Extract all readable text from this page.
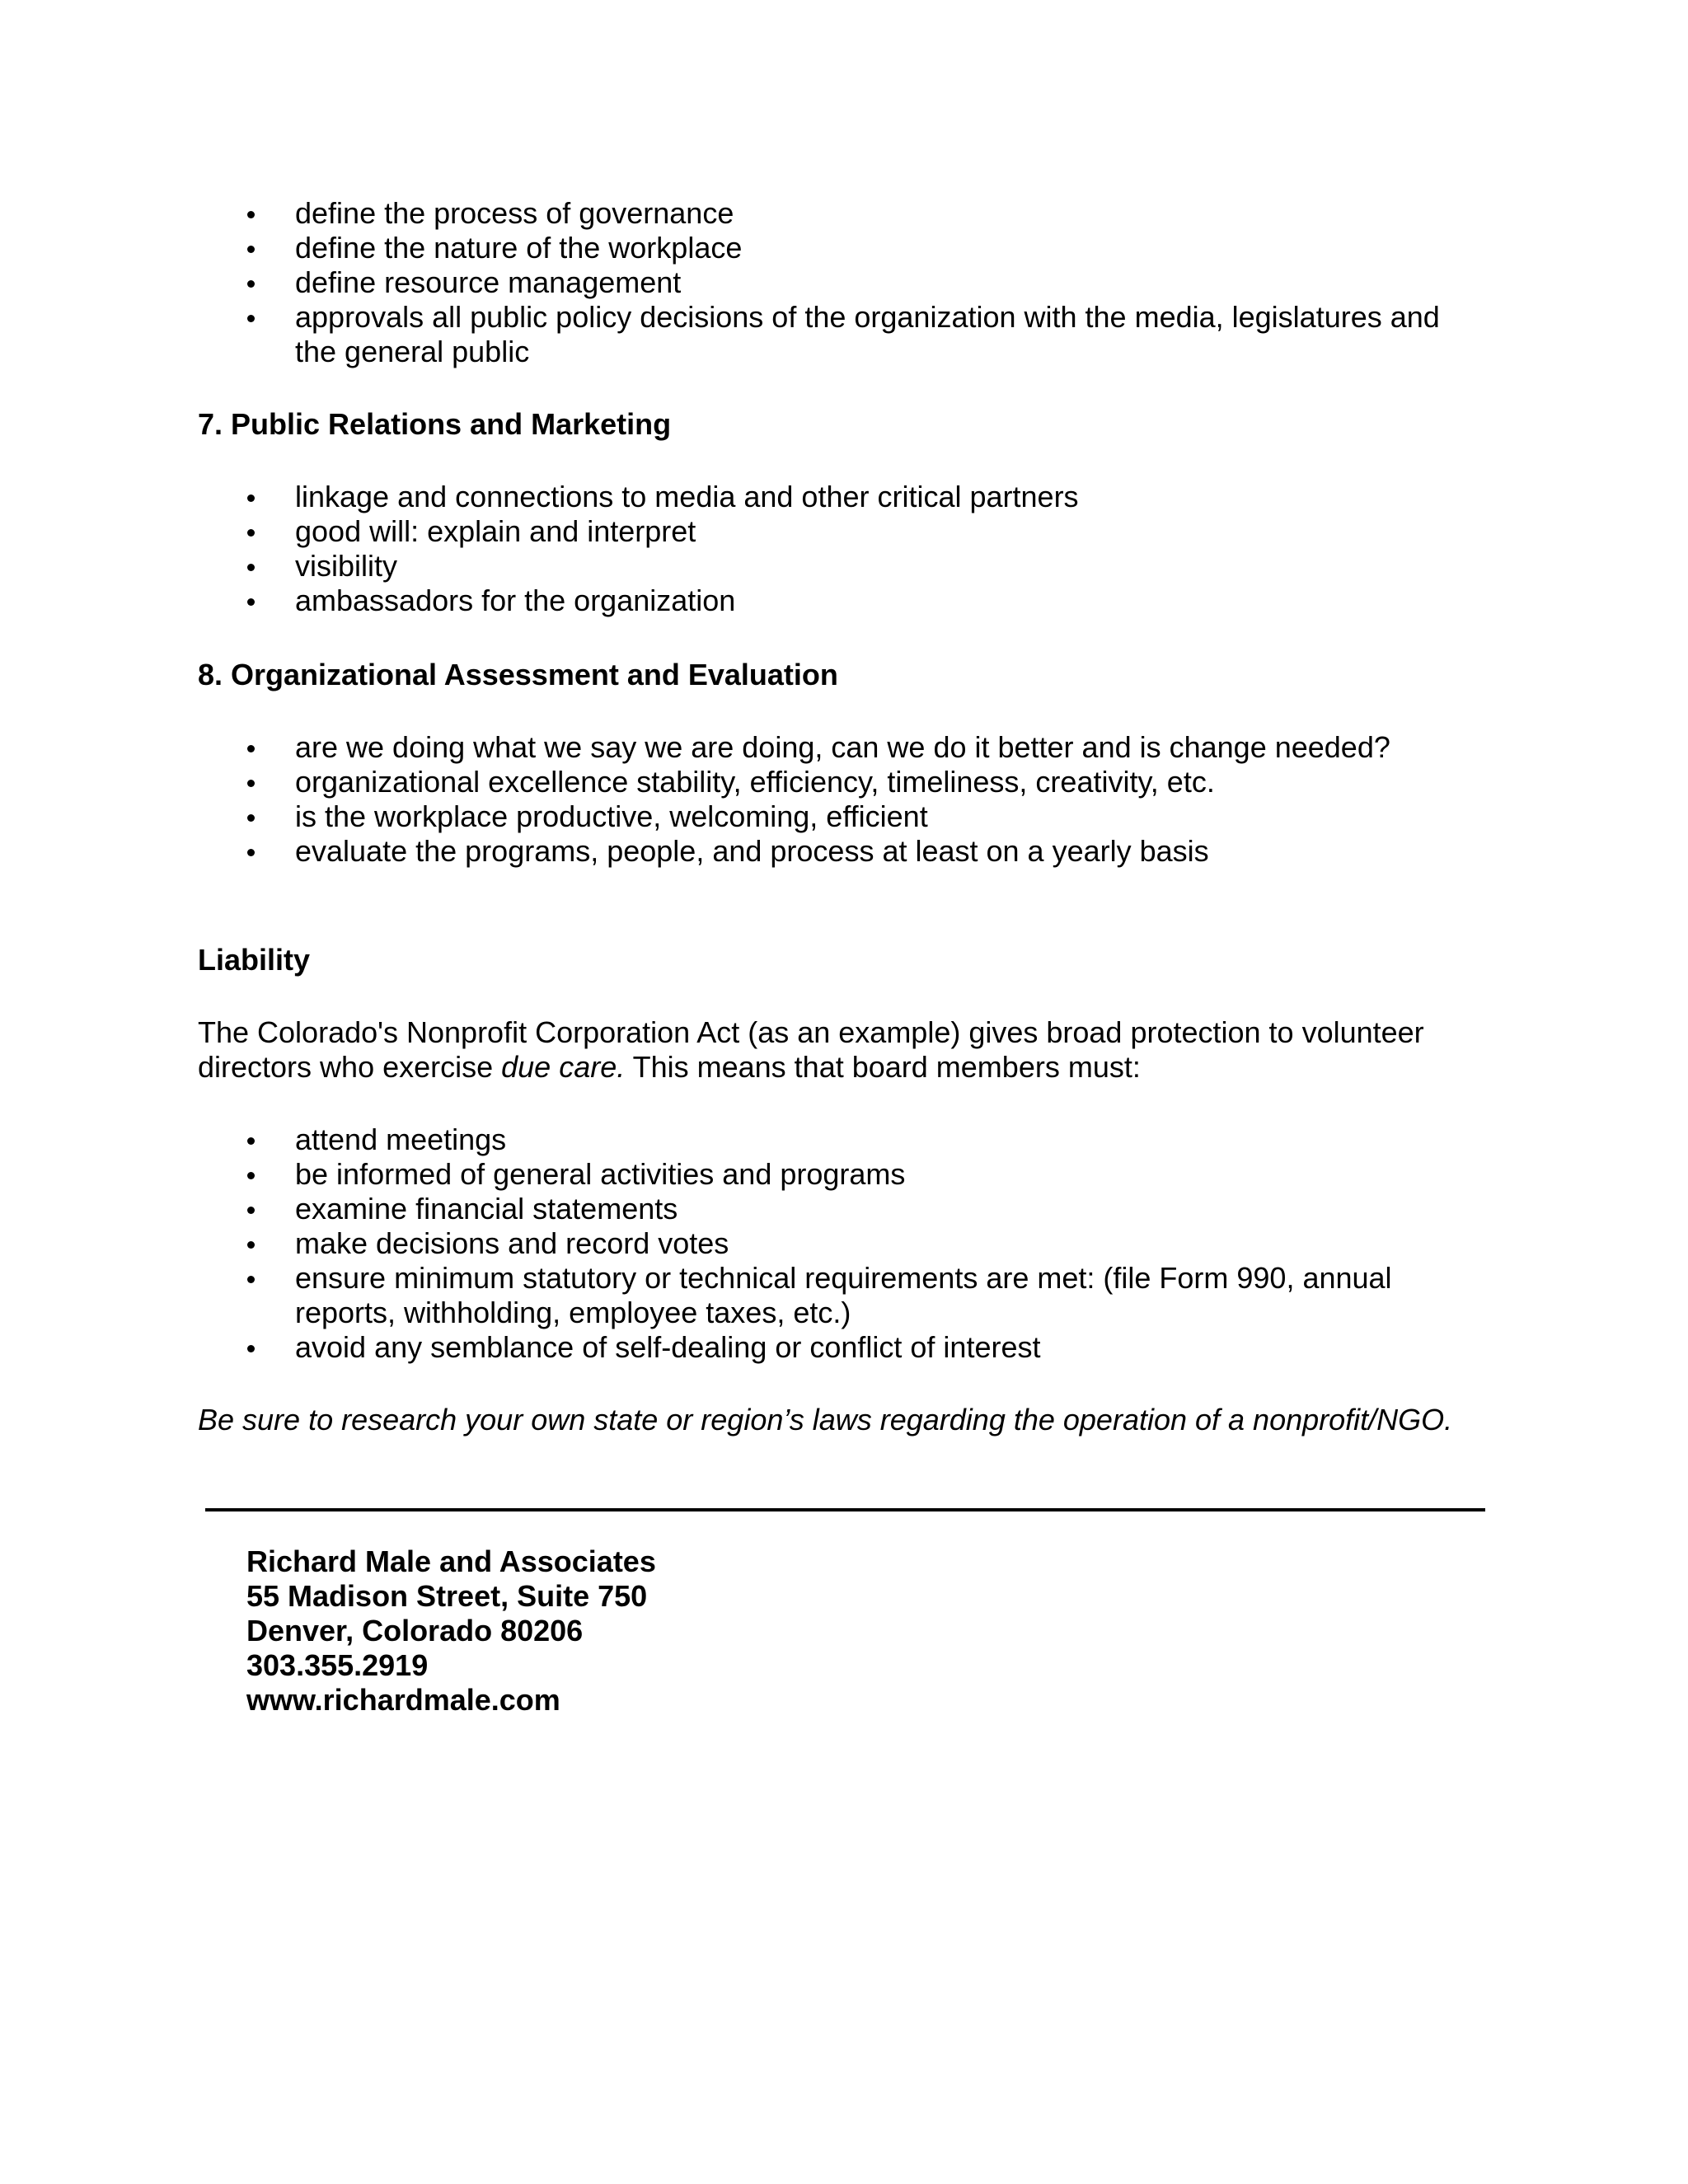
define the process of governance
define the nature of the workplace
define resource management
approvals all public policy decisions of the organization with the media, legislatures and the general public
7. Public Relations and Marketing
linkage and connections to media and other critical partners
good will: explain and interpret
visibility
ambassadors for the organization
8. Organizational Assessment and Evaluation
are we doing what we say we are doing, can we do it better and is change needed?
organizational excellence stability, efficiency, timeliness, creativity, etc.
is the workplace productive, welcoming, efficient
evaluate the programs, people, and process at least on a yearly basis
Liability

The Colorado's Nonprofit Corporation Act (as an example) gives broad protection to volunteer directors who exercise due care. This means that board members must:

attend meetings
be informed of general activities and programs
examine financial statements
make decisions and record votes
ensure minimum statutory or technical requirements are met: (file Form 990, annual reports, withholding, employee taxes, etc.)
avoid any semblance of self-dealing or conflict of interest

Be sure to research your own state or region’s laws regarding the operation of a nonprofit/NGO.

Richard Male and Associates
55 Madison Street, Suite 750
Denver, Colorado 80206
303.355.2919
www.richardmale.com
